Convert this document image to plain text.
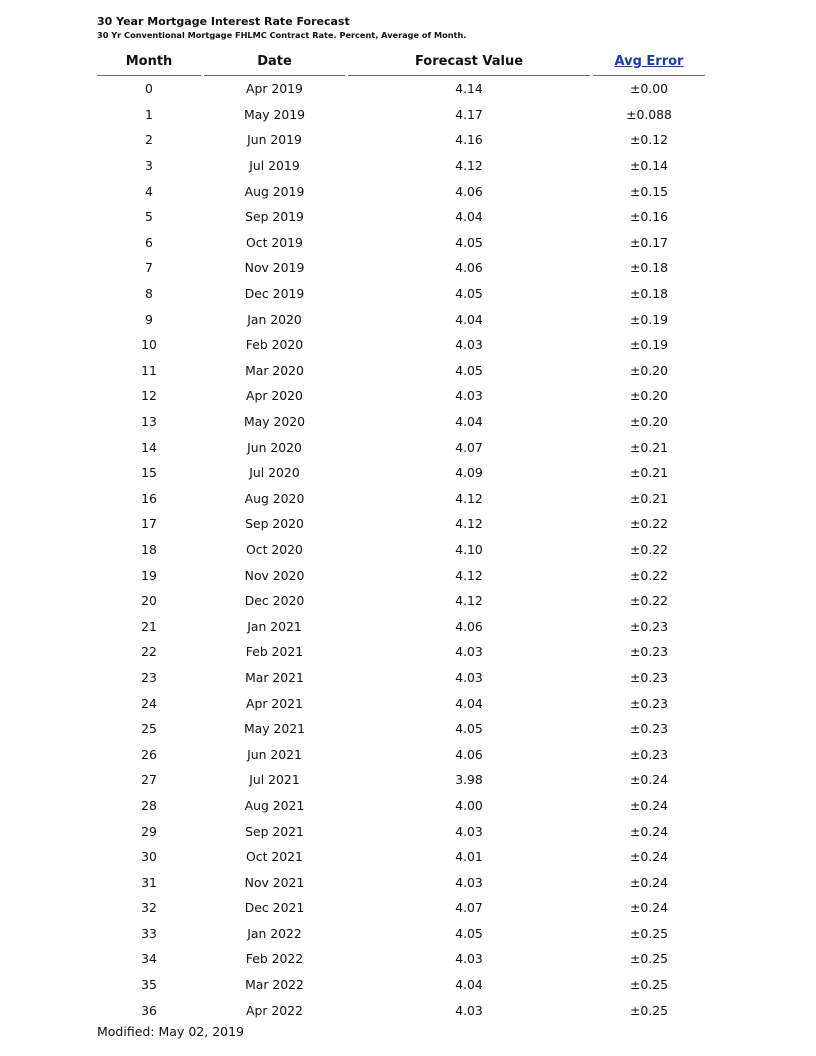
30 Year Mortgage Interest Rate Forecast
30 Yr Conventional Mortgage FHLMC Contract Rate. Percent, Average of Month.
Month		Date		Forecast Value		Avg Error
0		Apr 2019		4.14		±0.00
1		May 2019		4.17		±0.088
2		Jun 2019		4.16		±0.12
3		Jul 2019		4.12		±0.14
4		Aug 2019		4.06		±0.15
5		Sep 2019		4.04		±0.16
6		Oct 2019		4.05		±0.17
7		Nov 2019		4.06		±0.18
8		Dec 2019		4.05		±0.18
9		Jan 2020		4.04		±0.19
10		Feb 2020		4.03		±0.19
11		Mar 2020		4.05		±0.20
12		Apr 2020		4.03		±0.20
13		May 2020		4.04		±0.20
14		Jun 2020		4.07		±0.21
15		Jul 2020		4.09		±0.21
16		Aug 2020		4.12		±0.21
17		Sep 2020		4.12		±0.22
18		Oct 2020		4.10		±0.22
19		Nov 2020		4.12		±0.22
20		Dec 2020		4.12		±0.22
21		Jan 2021		4.06		±0.23
22		Feb 2021		4.03		±0.23
23		Mar 2021		4.03		±0.23
24		Apr 2021		4.04		±0.23
25		May 2021		4.05		±0.23
26		Jun 2021		4.06		±0.23
27		Jul 2021		3.98		±0.24
28		Aug 2021		4.00		±0.24
29		Sep 2021		4.03		±0.24
30		Oct 2021		4.01		±0.24
31		Nov 2021		4.03		±0.24
32		Dec 2021		4.07		±0.24
33		Jan 2022		4.05		±0.25
34		Feb 2022		4.03		±0.25
35		Mar 2022		4.04		±0.25
36		Apr 2022		4.03		±0.25
Modified: May 02, 2019
